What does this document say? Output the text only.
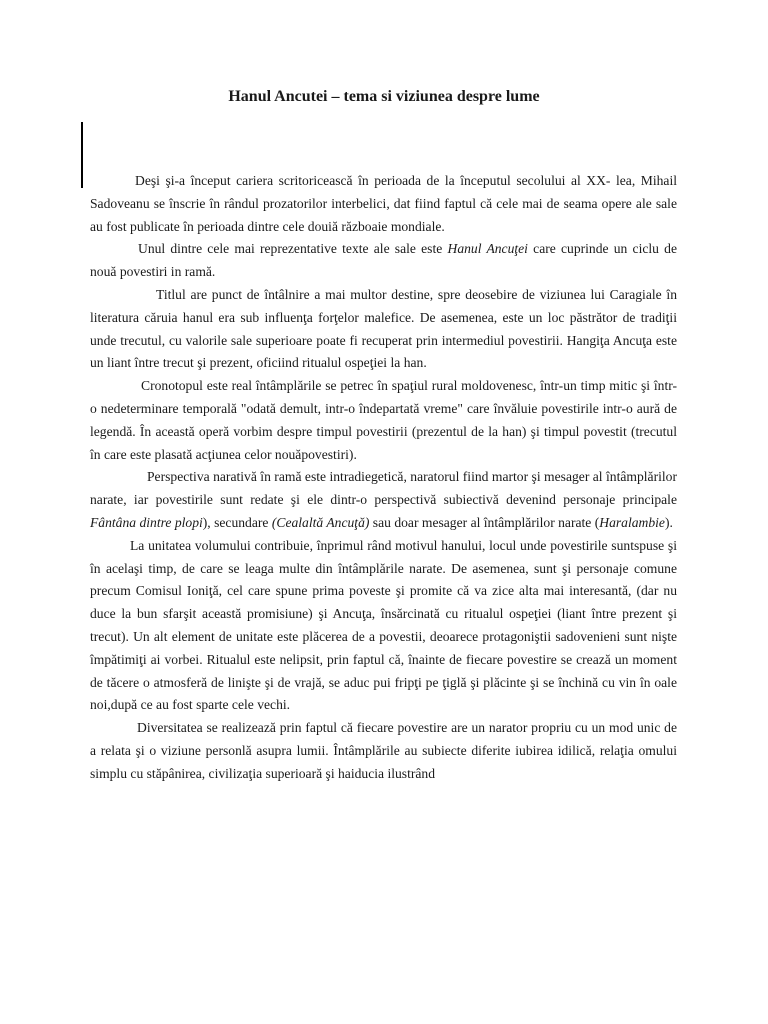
Hanul Ancutei – tema si viziunea despre lume

Deşi şi-a început cariera scritoricească în perioada de la începutul secolului al XX- lea, Mihail Sadoveanu se înscrie în rândul prozatorilor interbelici, dat fiind faptul că cele mai de seama opere ale sale au fost publicate în perioada dintre cele douiă războaie mondiale.

Unul dintre cele mai reprezentative texte ale sale este Hanul Ancuţei care cuprinde un ciclu de nouă povestiri in ramă.

Titlul are punct de întâlnire a mai multor destine, spre deosebire de viziunea lui Caragiale în literatura căruia hanul era sub influenţa forţelor malefice. De asemenea, este un loc păstrător de tradiţii unde trecutul, cu valorile sale superioare poate fi recuperat prin intermediul povestirii. Hangiţa Ancuţa este un liant între trecut şi prezent, oficiind ritualul ospeţiei la han.

Cronotopul este real întâmplările se petrec în spaţiul rural moldovenesc, într-un timp mitic şi într-o nedeterminare temporală "odată demult, intr-o îndepartată vreme" care învăluie povestirile intr-o aură de legendă. În această operă vorbim despre timpul povestirii (prezentul de la han) şi timpul povestit (trecutul în care este plasată acţiunea celor nouăpovestiri).

Perspectiva narativă în ramă este intradiegetică, naratorul fiind martor şi mesager al întâmplărilor narate, iar povestirile sunt redate şi ele dintr-o perspectivă subiectivă devenind personaje principale Fântâna dintre plopi), secundare (Cealaltă Ancuţă) sau doar mesager al întâmplărilor narate (Haralambie).

La unitatea volumului contribuie, înprimul rând motivul hanului, locul unde povestirile suntspuse şi în acelaşi timp, de care se leaga multe din întâmplările narate. De asemenea, sunt şi personaje comune precum Comisul Ioniţă, cel care spune prima poveste şi promite că va zice alta mai interesantă, (dar nu duce la bun sfarşit această promisiune) şi Ancuţa, însărcinată cu ritualul ospeţiei (liant între prezent şi trecut). Un alt element de unitate este plăcerea de a povestii, deoarece protagoniştii sadovenieni sunt nişte împătimiţi ai vorbei. Ritualul este nelipsit, prin faptul că, înainte de fiecare povestire se crează un moment de tăcere o atmosferă de linişte şi de vrajă, se aduc pui fripţi pe ţiglă şi plăcinte şi se închină cu vin în oale noi,după ce au fost sparte cele vechi.

Diversitatea se realizează prin faptul că fiecare povestire are un narator propriu cu un mod unic de a relata şi o viziune personlă asupra lumii. Întâmplările au subiecte diferite iubirea idilică, relaţia omului simplu cu stăpânirea, civilizaţia superioară şi haiducia ilustrând
